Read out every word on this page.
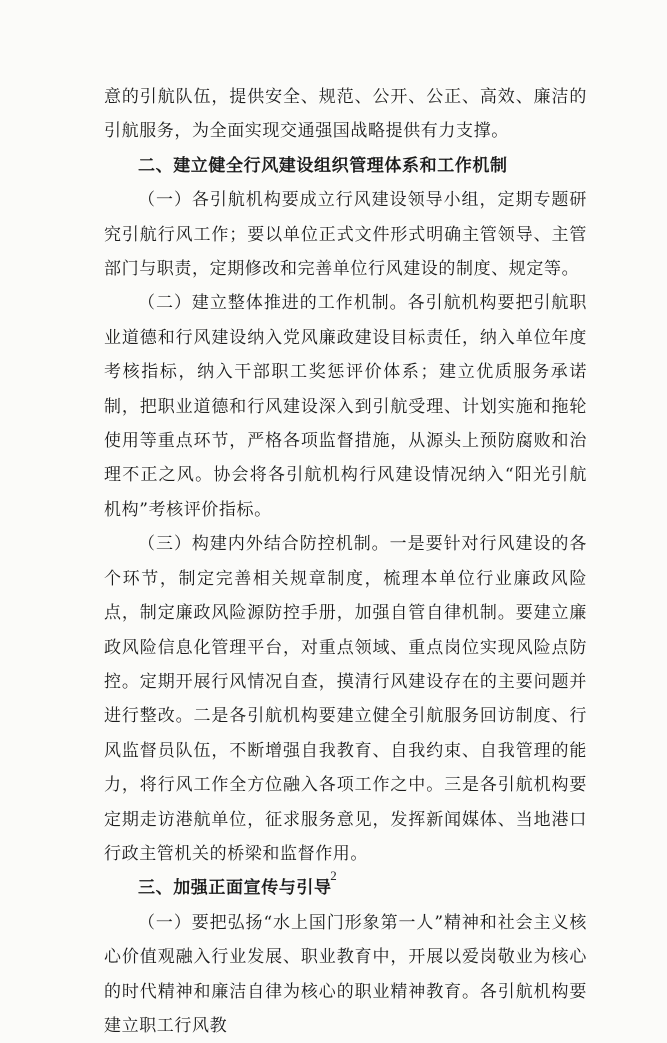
意的引航队伍，提供安全、规范、公开、公正、高效、廉洁的引航服务，为全面实现交通强国战略提供有力支撑。

二、建立健全行风建设组织管理体系和工作机制

（一）各引航机构要成立行风建设领导小组，定期专题研究引航行风工作；要以单位正式文件形式明确主管领导、主管部门与职责，定期修改和完善单位行风建设的制度、规定等。

（二）建立整体推进的工作机制。各引航机构要把引航职业道德和行风建设纳入党风廉政建设目标责任，纳入单位年度考核指标，纳入干部职工奖惩评价体系；建立优质服务承诺制，把职业道德和行风建设深入到引航受理、计划实施和拖轮使用等重点环节，严格各项监督措施，从源头上预防腐败和治理不正之风。协会将各引航机构行风建设情况纳入“阳光引航机构”考核评价指标。

（三）构建内外结合防控机制。一是要针对行风建设的各个环节，制定完善相关规章制度，梳理本单位行业廉政风险点，制定廉政风险源防控手册，加强自管自律机制。要建立廉政风险信息化管理平台，对重点领域、重点岗位实现风险点防控。定期开展行风情况自查，摸清行风建设存在的主要问题并进行整改。二是各引航机构要建立健全引航服务回访制度、行风监督员队伍，不断增强自我教育、自我约束、自我管理的能力，将行风工作全方位融入各项工作之中。三是各引航机构要定期走访港航单位，征求服务意见，发挥新闻媒体、当地港口行政主管机关的桥梁和监督作用。

三、加强正面宣传与引导

（一）要把弘扬“水上国门形象第一人”精神和社会主义核心价值观融入行业发展、职业教育中，开展以爱岗敬业为核心的时代精神和廉洁自律为核心的职业精神教育。各引航机构要建立职工行风教

2
